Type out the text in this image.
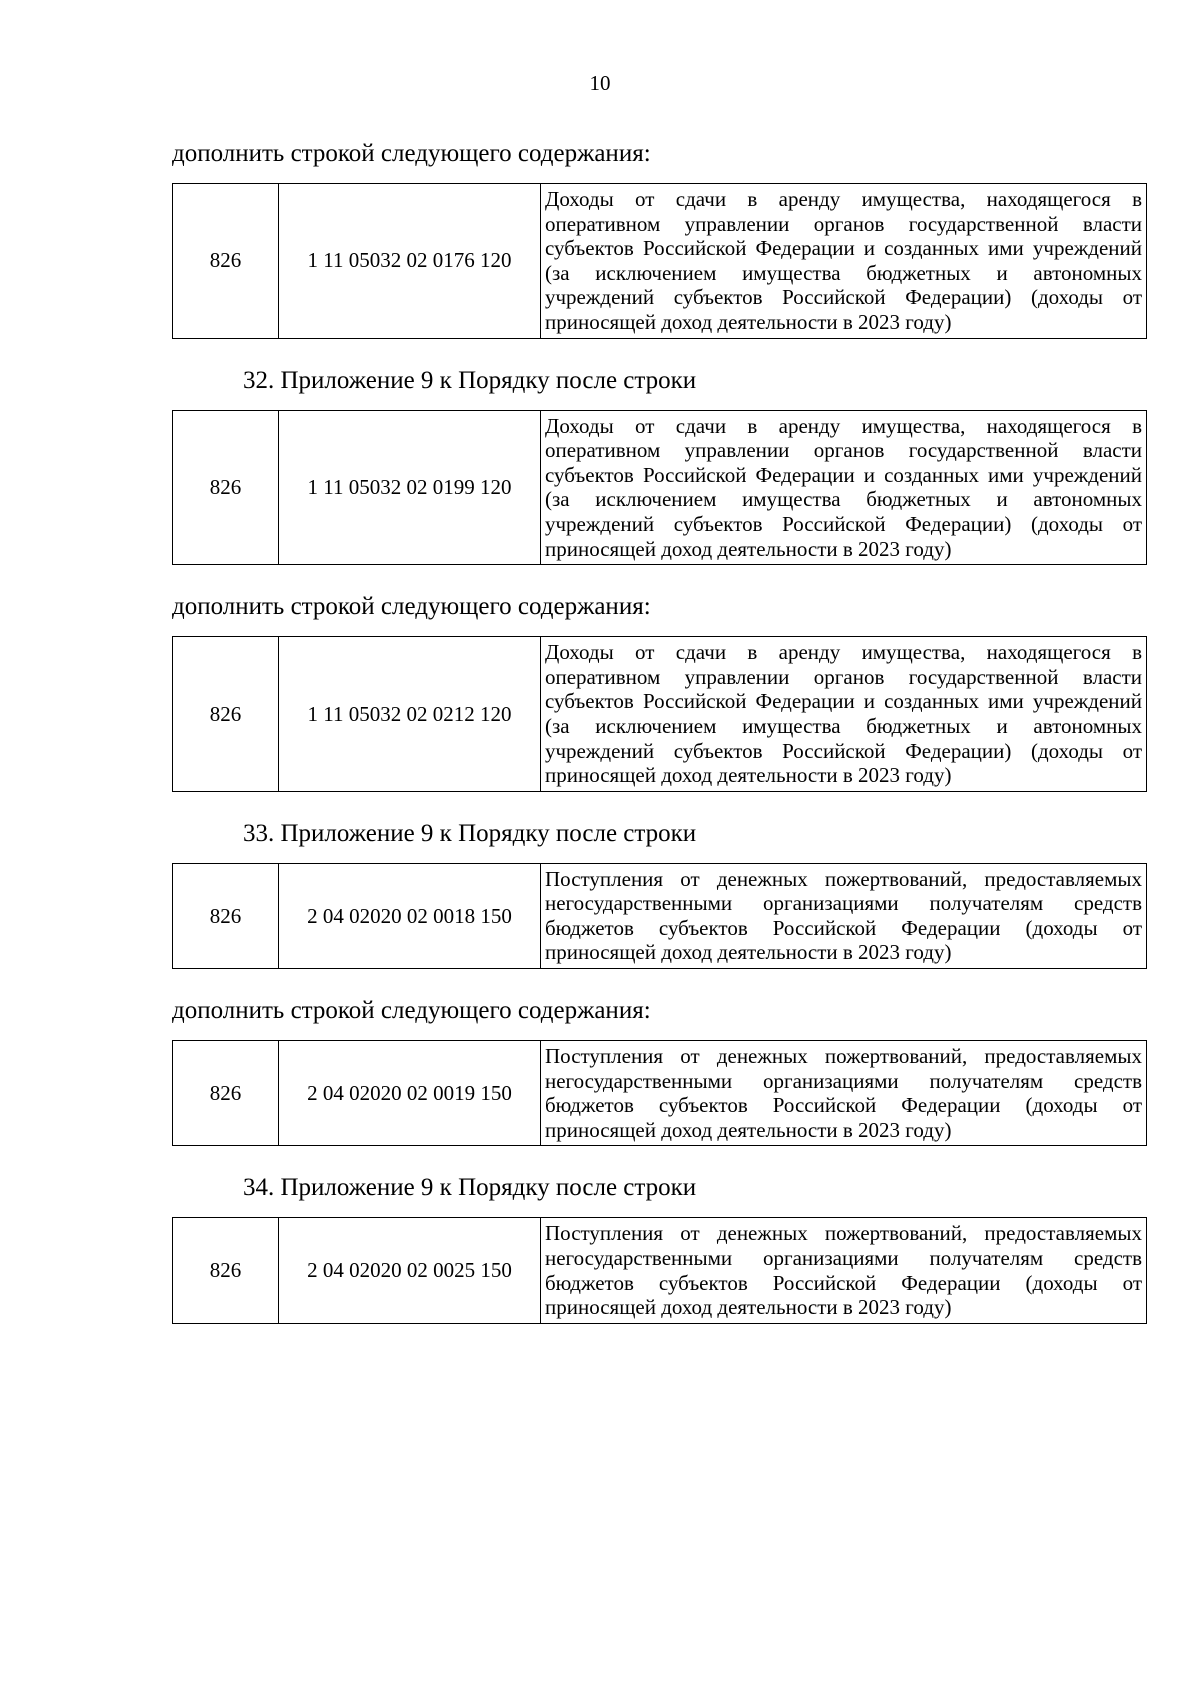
10

дополнить строкой следующего содержания:

826	1 11 05032 02 0176 120	Доходы от сдачи в аренду имущества, находящегося в оперативном управлении органов государственной власти субъектов Российской Федерации и созданных ими учреждений (за исключением имущества бюджетных и автономных учреждений субъектов Российской Федерации) (доходы от приносящей доход деятельности в 2023 году)

32. Приложение 9 к Порядку после строки

826	1 11 05032 02 0199 120	Доходы от сдачи в аренду имущества, находящегося в оперативном управлении органов государственной власти субъектов Российской Федерации и созданных ими учреждений (за исключением имущества бюджетных и автономных учреждений субъектов Российской Федерации) (доходы от приносящей доход деятельности в 2023 году)

дополнить строкой следующего содержания:

826	1 11 05032 02 0212 120	Доходы от сдачи в аренду имущества, находящегося в оперативном управлении органов государственной власти субъектов Российской Федерации и созданных ими учреждений (за исключением имущества бюджетных и автономных учреждений субъектов Российской Федерации) (доходы от приносящей доход деятельности в 2023 году)

33. Приложение 9 к Порядку после строки

826	2 04 02020 02 0018 150	Поступления от денежных пожертвований, предоставляемых негосударственными организациями получателям средств бюджетов субъектов Российской Федерации (доходы от приносящей доход деятельности в 2023 году)

дополнить строкой следующего содержания:

826	2 04 02020 02 0019 150	Поступления от денежных пожертвований, предоставляемых негосударственными организациями получателям средств бюджетов субъектов Российской Федерации (доходы от приносящей доход деятельности в 2023 году)

34. Приложение 9 к Порядку после строки

826	2 04 02020 02 0025 150	Поступления от денежных пожертвований, предоставляемых негосударственными организациями получателям средств бюджетов субъектов Российской Федерации (доходы от приносящей доход деятельности в 2023 году)
